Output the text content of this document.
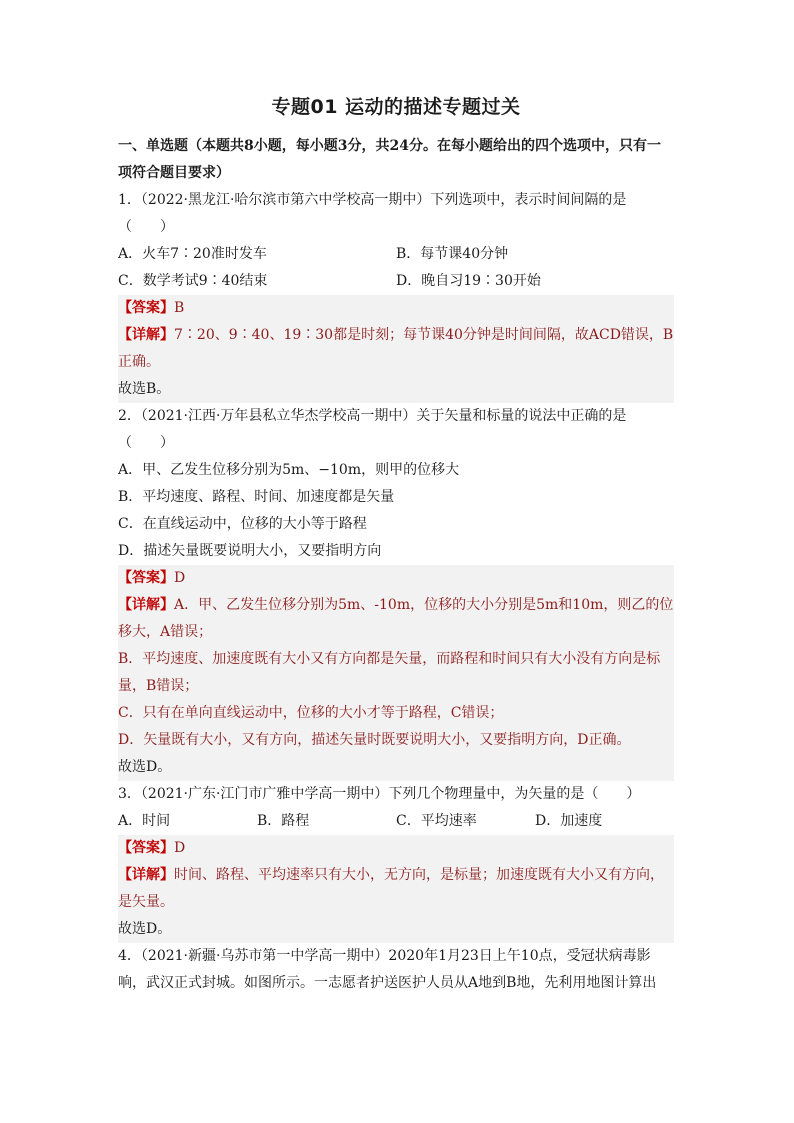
专题01 运动的描述专题过关

一、单选题（本题共8小题，每小题3分，共24分。在每小题给出的四个选项中，只有一项符合题目要求）

1．（2022·黑龙江·哈尔滨市第六中学校高一期中）下列选项中，表示时间间隔的是（　　）

A．火车7∶20准时发车	B．每节课40分钟
C．数学考试9∶40结束	D．晚自习19∶30开始

【答案】B

【详解】7∶20、9∶40、19∶30都是时刻；每节课40分钟是时间间隔，故ACD错误，B正确。

故选B。

2．（2021·江西·万年县私立华杰学校高一期中）关于矢量和标量的说法中正确的是（　　）

A．甲、乙发生位移分别为5m、−10m，则甲的位移大
B．平均速度、路程、时间、加速度都是矢量
C．在直线运动中，位移的大小等于路程
D．描述矢量既要说明大小，又要指明方向

【答案】D

【详解】A．甲、乙发生位移分别为5m、-10m，位移的大小分别是5m和10m，则乙的位移大，A错误；

B．平均速度、加速度既有大小又有方向都是矢量，而路程和时间只有大小没有方向是标量，B错误；

C．只有在单向直线运动中，位移的大小才等于路程，C错误；

D．矢量既有大小，又有方向，描述矢量时既要说明大小，又要指明方向，D正确。

故选D。

3．（2021·广东·江门市广雅中学高一期中）下列几个物理量中，为矢量的是（　　）

A．时间	B．路程	C．平均速率	D．加速度

【答案】D

【详解】时间、路程、平均速率只有大小，无方向，是标量；加速度既有大小又有方向，是矢量。

故选D。

4．（2021·新疆·乌苏市第一中学高一期中）2020年1月23日上午10点，受冠状病毒影响，武汉正式封城。如图所示。一志愿者护送医护人员从A地到B地，先利用地图计算出
